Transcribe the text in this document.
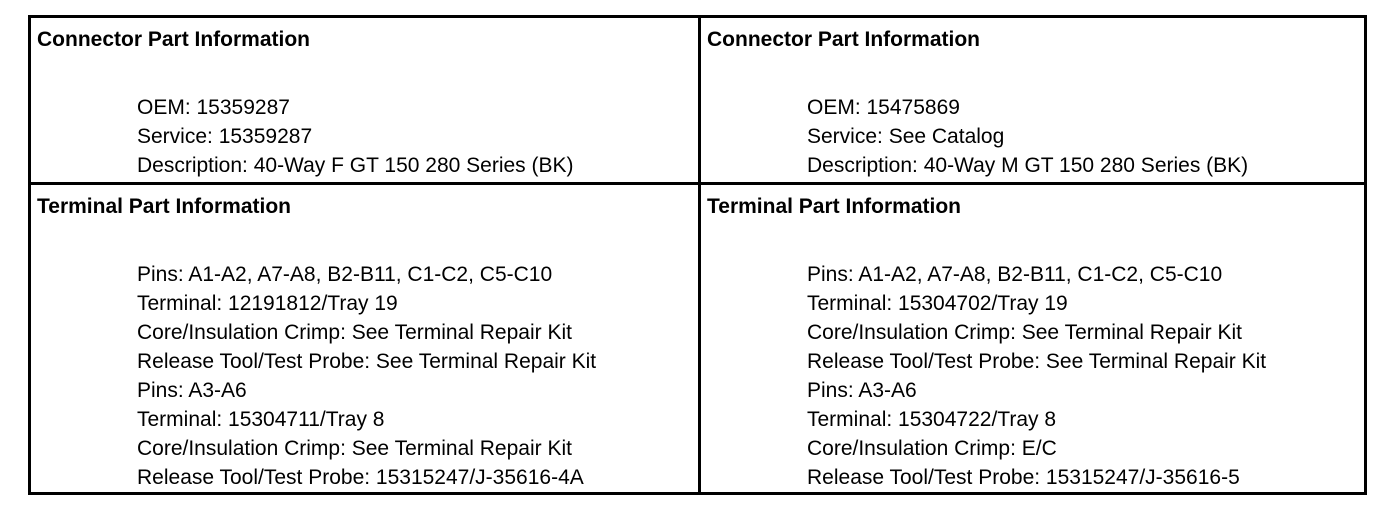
Connector Part Information
OEM: 15359287
Service: 15359287
Description: 40-Way F GT 150 280 Series (BK)
Connector Part Information
OEM: 15475869
Service: See Catalog
Description: 40-Way M GT 150 280 Series (BK)
Terminal Part Information
Pins: A1-A2, A7-A8, B2-B11, C1-C2, C5-C10
Terminal: 12191812/Tray 19
Core/Insulation Crimp: See Terminal Repair Kit
Release Tool/Test Probe: See Terminal Repair Kit
Pins: A3-A6
Terminal: 15304711/Tray 8
Core/Insulation Crimp: See Terminal Repair Kit
Release Tool/Test Probe: 15315247/J-35616-4A
Terminal Part Information
Pins: A1-A2, A7-A8, B2-B11, C1-C2, C5-C10
Terminal: 15304702/Tray 19
Core/Insulation Crimp: See Terminal Repair Kit
Release Tool/Test Probe: See Terminal Repair Kit
Pins: A3-A6
Terminal: 15304722/Tray 8
Core/Insulation Crimp: E/C
Release Tool/Test Probe: 15315247/J-35616-5
